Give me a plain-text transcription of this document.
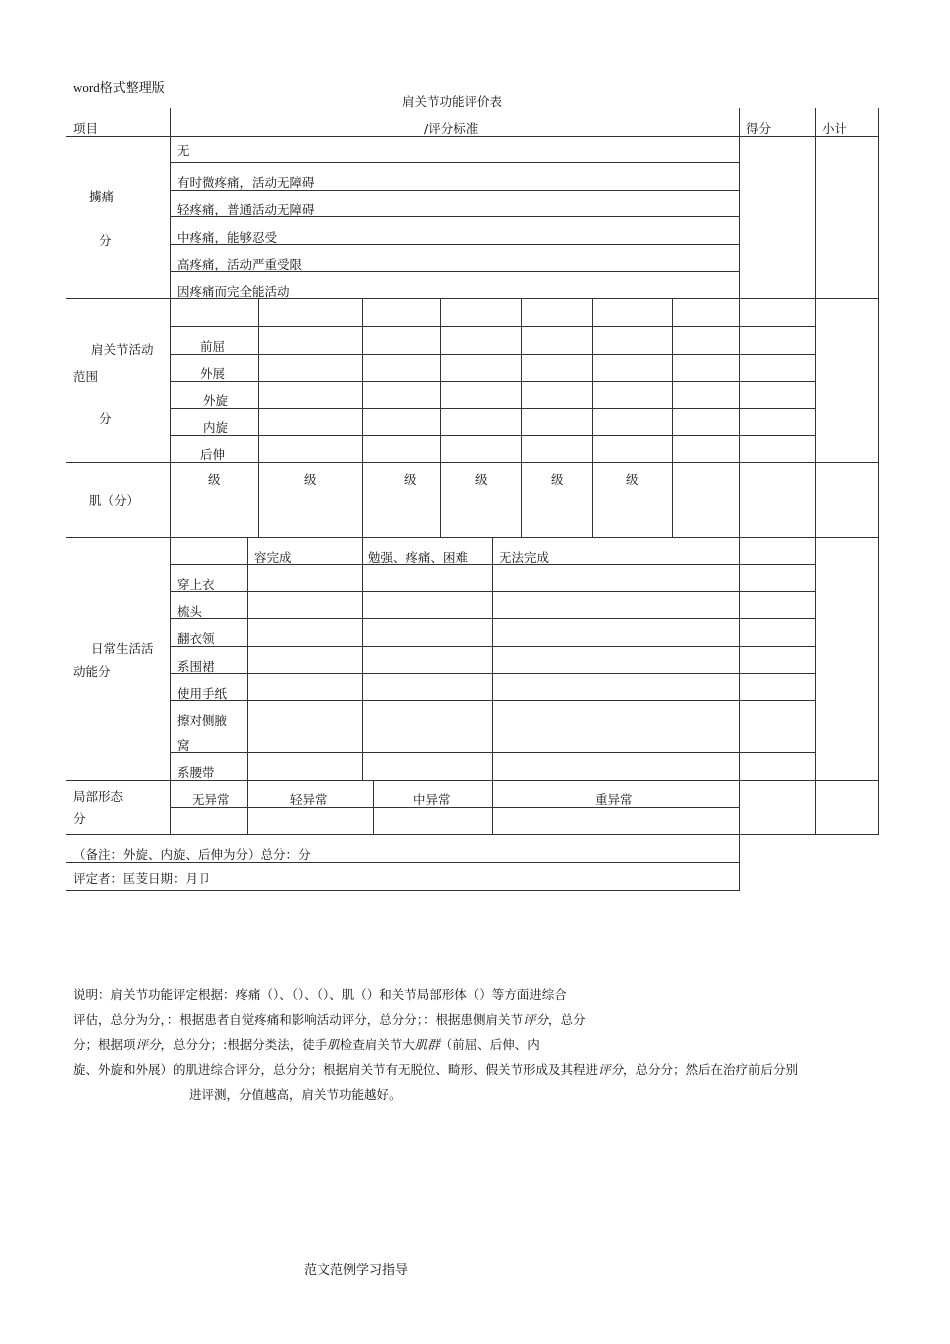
word格式整理版
肩关节功能评价表
项目	/评分标准	得分	小计
擄痛
分
无
有时微疼痛，活动无障碍
轻疼痛，普通活动无障碍
中疼痛，能够忍受
高疼痛，活动严重受限
因疼痛而完全能活动
肩关节活动
范围
分
前屈
外展
外旋
内旋
后伸
肌（分）
级	级	级	级	级	级
日常生活活
动能分
容完成	勉强、疼痛、困难 无法完成
穿上衣
梳头
翻衣领
系围裙
使用手纸
擦对侧腋
窝
系腰带
局部形态
分
无异常	轻异常	中异常	重异常
（备注：外旋、内旋、后伸为分）总分：分
评定者：匡芰日期：月卩
说明：肩关节功能评定根据：疼痛（）、（）、（）、肌（）和关节局部形体（）等方面进综合
评估，总分为分，：根据患者自觉疼痛和影响活动评分，总分分；：根据患侧肩关节评分，总分
分；根据项评分，总分分；:根据分类法，徒手肌检查肩关节大肌群（前屈、后伸、内
旋、外旋和外展）的肌进综合评分，总分分；根据肩关节有无脱位、畸形、假关节形成及其程进评分，总分分；然后在治疗前后分别
进评测，分值越高，肩关节功能越好。
范文范例学习指导
